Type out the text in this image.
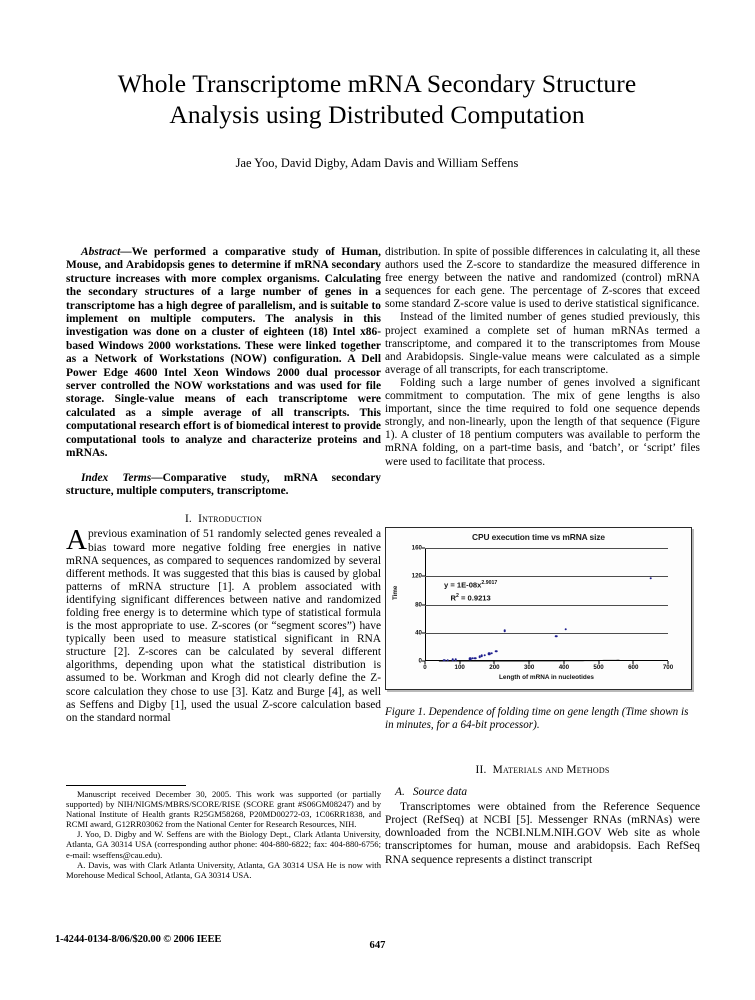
Whole Transcriptome mRNA Secondary Structure Analysis using Distributed Computation
Jae Yoo, David Digby, Adam Davis and William Seffens
Abstract—We performed a comparative study of Human, Mouse, and Arabidopsis genes to determine if mRNA secondary structure increases with more complex organisms. Calculating the secondary structures of a large number of genes in a transcriptome has a high degree of parallelism, and is suitable to implement on multiple computers. The analysis in this investigation was done on a cluster of eighteen (18) Intel x86-based Windows 2000 workstations. These were linked together as a Network of Workstations (NOW) configuration. A Dell Power Edge 4600 Intel Xeon Windows 2000 dual processor server controlled the NOW workstations and was used for file storage. Single-value means of each transcriptome were calculated as a simple average of all transcripts. This computational research effort is of biomedical interest to provide computational tools to analyze and characterize proteins and mRNAs.
Index Terms—Comparative study, mRNA secondary structure, multiple computers, transcriptome.
I. Introduction

A previous examination of 51 randomly selected genes revealed a bias toward more negative folding free energies in native mRNA sequences, as compared to sequences randomized by several different methods. It was suggested that this bias is caused by global patterns of mRNA structure [1]. A problem associated with identifying significant differences between native and randomized folding free energy is to determine which type of statistical formula is the most appropriate to use. Z-scores (or “segment scores”) have typically been used to measure statistical significant in RNA structure [2]. Z-scores can be calculated by several different algorithms, depending upon what the statistical distribution is assumed to be. Workman and Krogh did not clearly define the Z-score calculation they chose to use [3]. Katz and Burge [4], as well as Seffens and Digby [1], used the usual Z-score calculation based on the standard normal

distribution. In spite of possible differences in calculating it, all these authors used the Z-score to standardize the measured difference in free energy between the native and randomized (control) mRNA sequences for each gene. The percentage of Z-scores that exceed some standard Z-score value is used to derive statistical significance.

Instead of the limited number of genes studied previously, this project examined a complete set of human mRNAs termed a transcriptome, and compared it to the transcriptomes from Mouse and Arabidopsis. Single-value means were calculated as a simple average of all transcripts, for each transcriptome.

Folding such a large number of genes involved a significant commitment to computation. The mix of gene lengths is also important, since the time required to fold one sequence depends strongly, and non-linearly, upon the length of that sequence (Figure 1). A cluster of 18 pentium computers was available to perform the mRNA folding, on a part-time basis, and ‘batch’, or ‘script’ files were used to facilitate that process.

CPU execution time vs mRNA size
Time
160
120
80
40
0
0	100	200	300	400	500	600	700
$y = 1E-08x^{2.9017}$
$R^2 = 0.9213$
Length of mRNA in nucleotides
Figure 1. Dependence of folding time on gene length (Time shown is in minutes, for a 64-bit processor).
II. Materials and Methods
A. Source data

Transcriptomes were obtained from the Reference Sequence Project (RefSeq) at NCBI [5]. Messenger RNAs (mRNAs) were downloaded from the NCBI.NLM.NIH.GOV Web site as whole transcriptomes for human, mouse and arabidopsis. Each RefSeq RNA sequence represents a distinct transcript

Manuscript received December 30, 2005. This work was supported (or partially supported) by NIH/NIGMS/MBRS/SCORE/RISE (SCORE grant #S06GM08247) and by National Institute of Health grants R25GM58268, P20MD00272-03, 1C06RR1838, and RCMI award, G12RR03062 from the National Center for Research Resources, NIH.

J. Yoo, D. Digby and W. Seffens are with the Biology Dept., Clark Atlanta University, Atlanta, GA 30314 USA (corresponding author phone: 404-880-6822; fax: 404-880-6756; e-mail: wseffens@cau.edu).

A. Davis, was with Clark Atlanta University, Atlanta, GA 30314 USA He is now with Morehouse Medical School, Atlanta, GA 30314 USA.

1-4244-0134-8/06/$20.00 © 2006 IEEE
647
